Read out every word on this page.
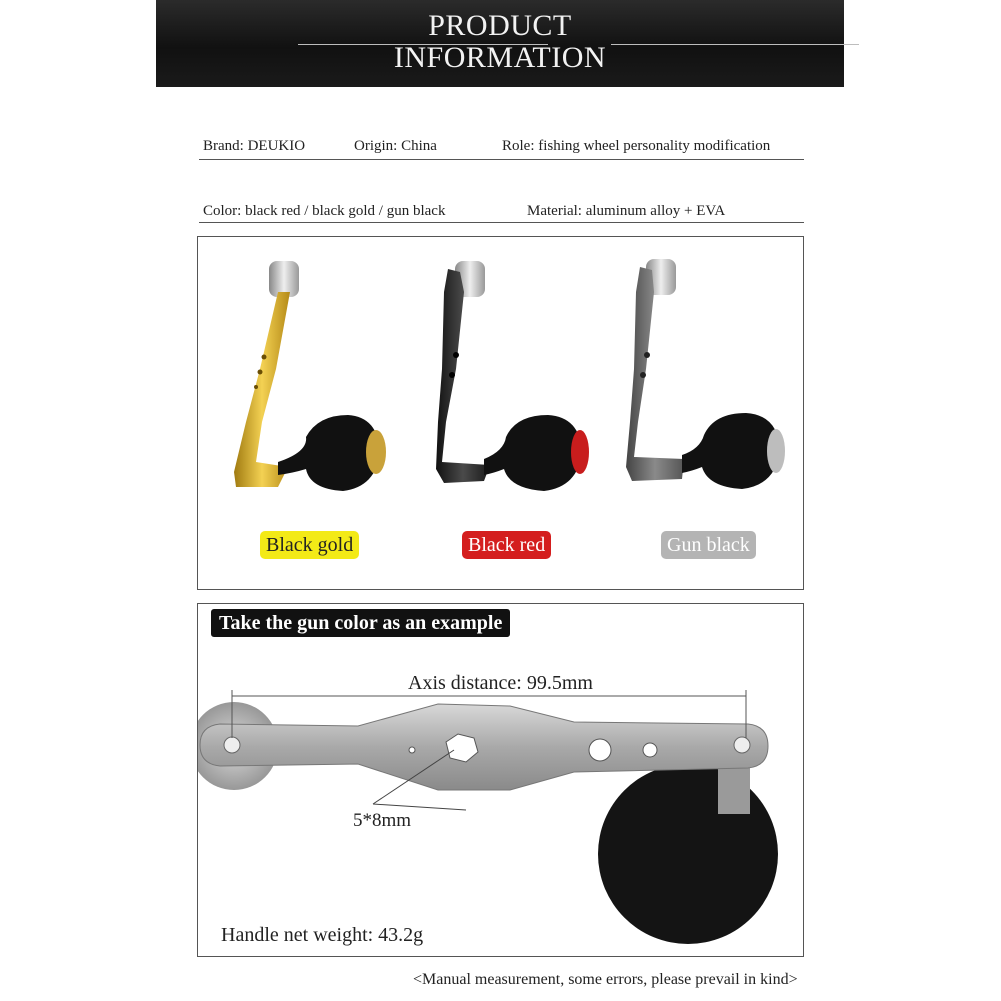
PRODUCT
INFORMATION
Brand: DEUKIO	Origin: China	Role: fishing wheel personality modification
Color: black red / black gold / gun black	Material: aluminum alloy + EVA
Black gold	Black red	Gun black
Take the gun color as an example
Axis distance: 99.5mm
5*8mm
Handle net weight: 43.2g
<Manual measurement, some errors, please prevail in kind>
